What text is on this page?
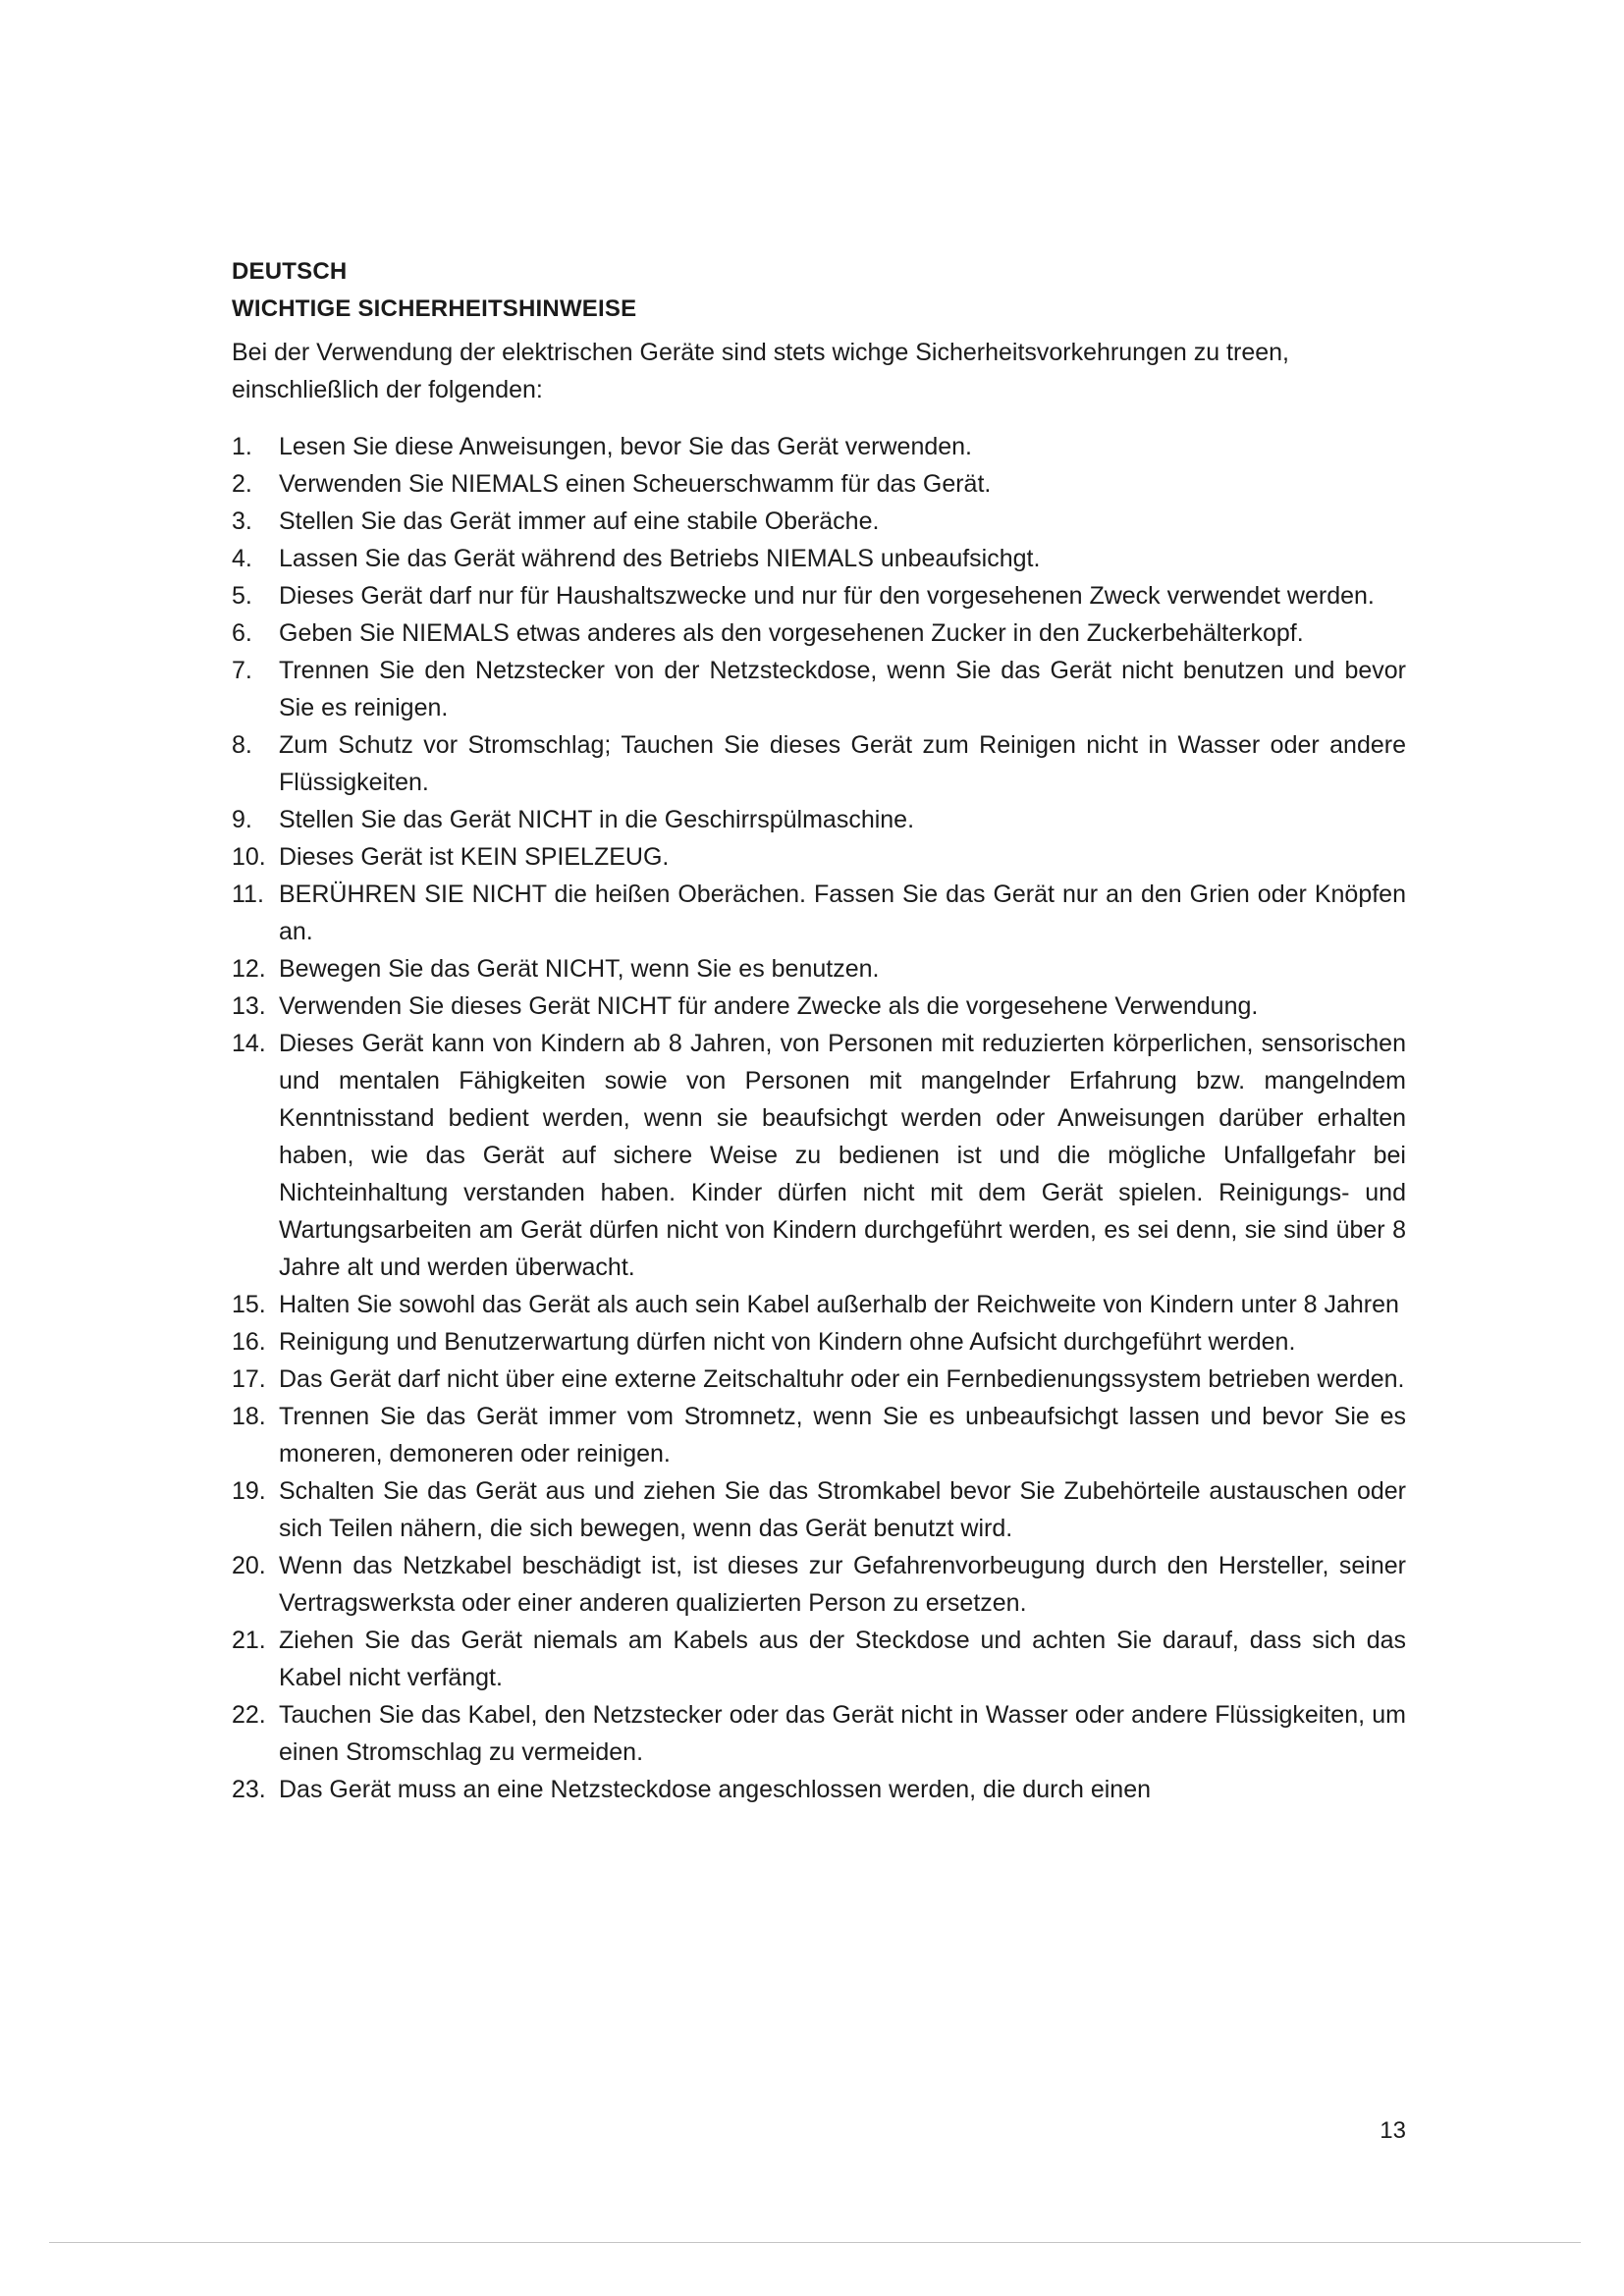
DEUTSCH
WICHTIGE SICHERHEITSHINWEISE

Bei der Verwendung der elektrischen Geräte sind stets wichge Sicherheitsvorkehrungen zu treen, einschließlich der folgenden:

1. Lesen Sie diese Anweisungen, bevor Sie das Gerät verwenden.
2. Verwenden Sie NIEMALS einen Scheuerschwamm für das Gerät.
3. Stellen Sie das Gerät immer auf eine stabile Oberäche.
4. Lassen Sie das Gerät während des Betriebs NIEMALS unbeaufsichgt.
5. Dieses Gerät darf nur für Haushaltszwecke und nur für den vorgesehenen Zweck verwendet werden.
6. Geben Sie NIEMALS etwas anderes als den vorgesehenen Zucker in den Zuckerbehälterkopf.
7. Trennen Sie den Netzstecker von der Netzsteckdose, wenn Sie das Gerät nicht benutzen und bevor Sie es reinigen.
8. Zum Schutz vor Stromschlag; Tauchen Sie dieses Gerät zum Reinigen nicht in Wasser oder andere Flüssigkeiten.
9. Stellen Sie das Gerät NICHT in die Geschirrspülmaschine.
10. Dieses Gerät ist KEIN SPIELZEUG.
11. BERÜHREN SIE NICHT die heißen Oberächen. Fassen Sie das Gerät nur an den Grien oder Knöpfen an.
12. Bewegen Sie das Gerät NICHT, wenn Sie es benutzen.
13. Verwenden Sie dieses Gerät NICHT für andere Zwecke als die vorgesehene Verwendung.
14. Dieses Gerät kann von Kindern ab 8 Jahren, von Personen mit reduzierten körperlichen, sensorischen und mentalen Fähigkeiten sowie von Personen mit mangelnder Erfahrung bzw. mangelndem Kenntnisstand bedient werden, wenn sie beaufsichgt werden oder Anweisungen darüber erhalten haben, wie das Gerät auf sichere Weise zu bedienen ist und die mögliche Unfallgefahr bei Nichteinhaltung verstanden haben. Kinder dürfen nicht mit dem Gerät spielen. Reinigungs- und Wartungsarbeiten am Gerät dürfen nicht von Kindern durchgeführt werden, es sei denn, sie sind über 8 Jahre alt und werden überwacht.
15. Halten Sie sowohl das Gerät als auch sein Kabel außerhalb der Reichweite von Kindern unter 8 Jahren
16. Reinigung und Benutzerwartung dürfen nicht von Kindern ohne Aufsicht durchgeführt werden.
17. Das Gerät darf nicht über eine externe Zeitschaltuhr oder ein Fernbedienungssystem betrieben werden.
18. Trennen Sie das Gerät immer vom Stromnetz, wenn Sie es unbeaufsichgt lassen und bevor Sie es moneren, demoneren oder reinigen.
19. Schalten Sie das Gerät aus und ziehen Sie das Stromkabel bevor Sie Zubehörteile austauschen oder sich Teilen nähern, die sich bewegen, wenn das Gerät benutzt wird.
20. Wenn das Netzkabel beschädigt ist, ist dieses zur Gefahrenvorbeugung durch den Hersteller, seiner Vertragswerksta oder einer anderen qualizierten Person zu ersetzen.
21. Ziehen Sie das Gerät niemals am Kabels aus der Steckdose und achten Sie darauf, dass sich das Kabel nicht verfängt.
22. Tauchen Sie das Kabel, den Netzstecker oder das Gerät nicht in Wasser oder andere Flüssigkeiten, um einen Stromschlag zu vermeiden.
23. Das Gerät muss an eine Netzsteckdose angeschlossen werden, die durch einen
13
